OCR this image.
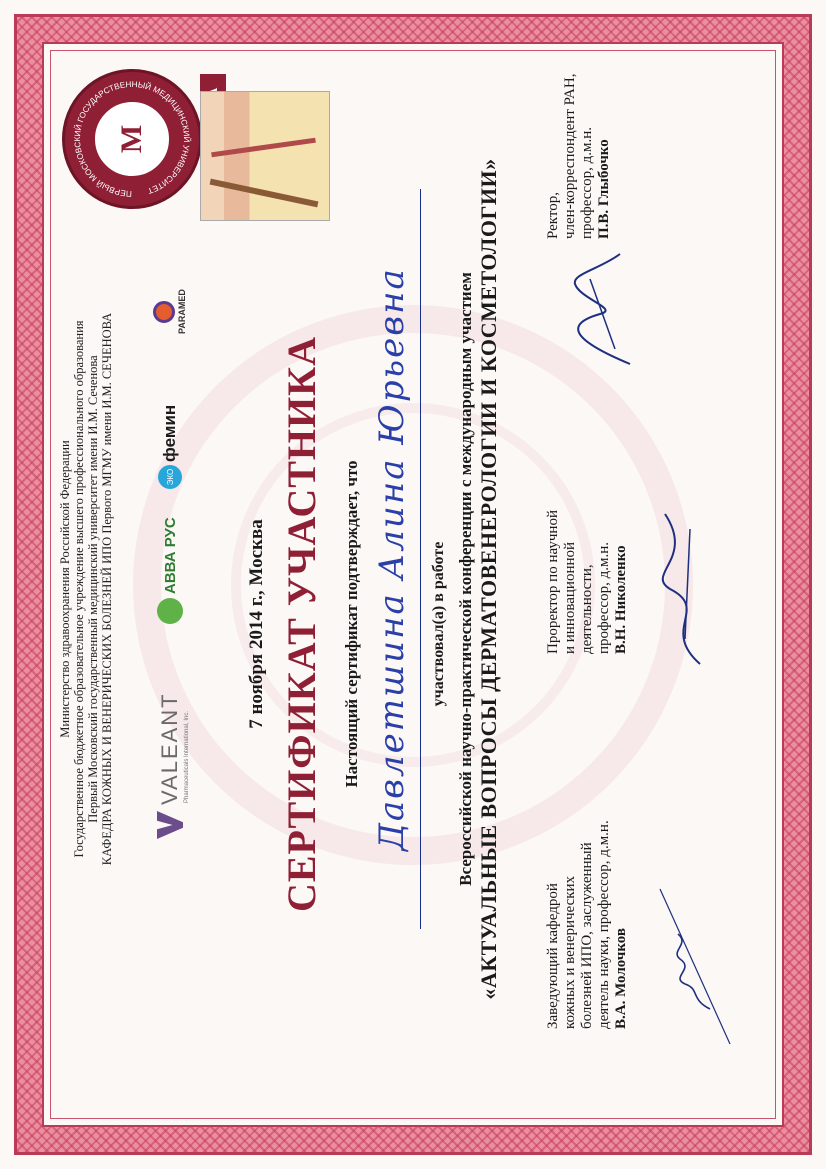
Министерство здравоохранения Российской Федерации Государственное бюджетное образовательное учреждение высшего профессионального образования Первый Московский государственный медицинский университет имени И.М. Сеченова КАФЕДРА КОЖНЫХ И ВЕНЕРИЧЕСКИХ БОЛЕЗНЕЙ ИПО Первого МГМУ имени И.М. СЕЧЕНОВА
ПЕРВЫЙ МОСКОВСКИЙ ГОСУДАРСТВЕННЫЙ МЕДИЦИНСКИЙ УНИВЕРСИТЕТ
М 1758
VALEANT Pharmaceuticals International, Inc.
АВВА РУС
ЭКО
фемин
PARAMED
СЕРТИФИКАТ УЧАСТНИКА
7 ноября 2014 г., Москва	Настоящий сертификат подтверждает, что Давлетшина Алина Юрьевна участвовал(а) в работе Всероссийской научно-практической конференции с международным участием «АКТУАЛЬНЫЕ ВОПРОСЫ ДЕРМАТОВЕНЕРОЛОГИИ И КОСМЕТОЛОГИИ»	Ректор, член-корреспондент РАН, профессор, д.м.н. П.В. Глыбочко
Проректор по научной и инновационной деятельности, профессор, д.м.н. В.Н. Николенко
Заведующий кафедрой кожных и венерических болезней ИПО, заслуженный деятель науки, профессор, д.м.н. В.А. Молочков
